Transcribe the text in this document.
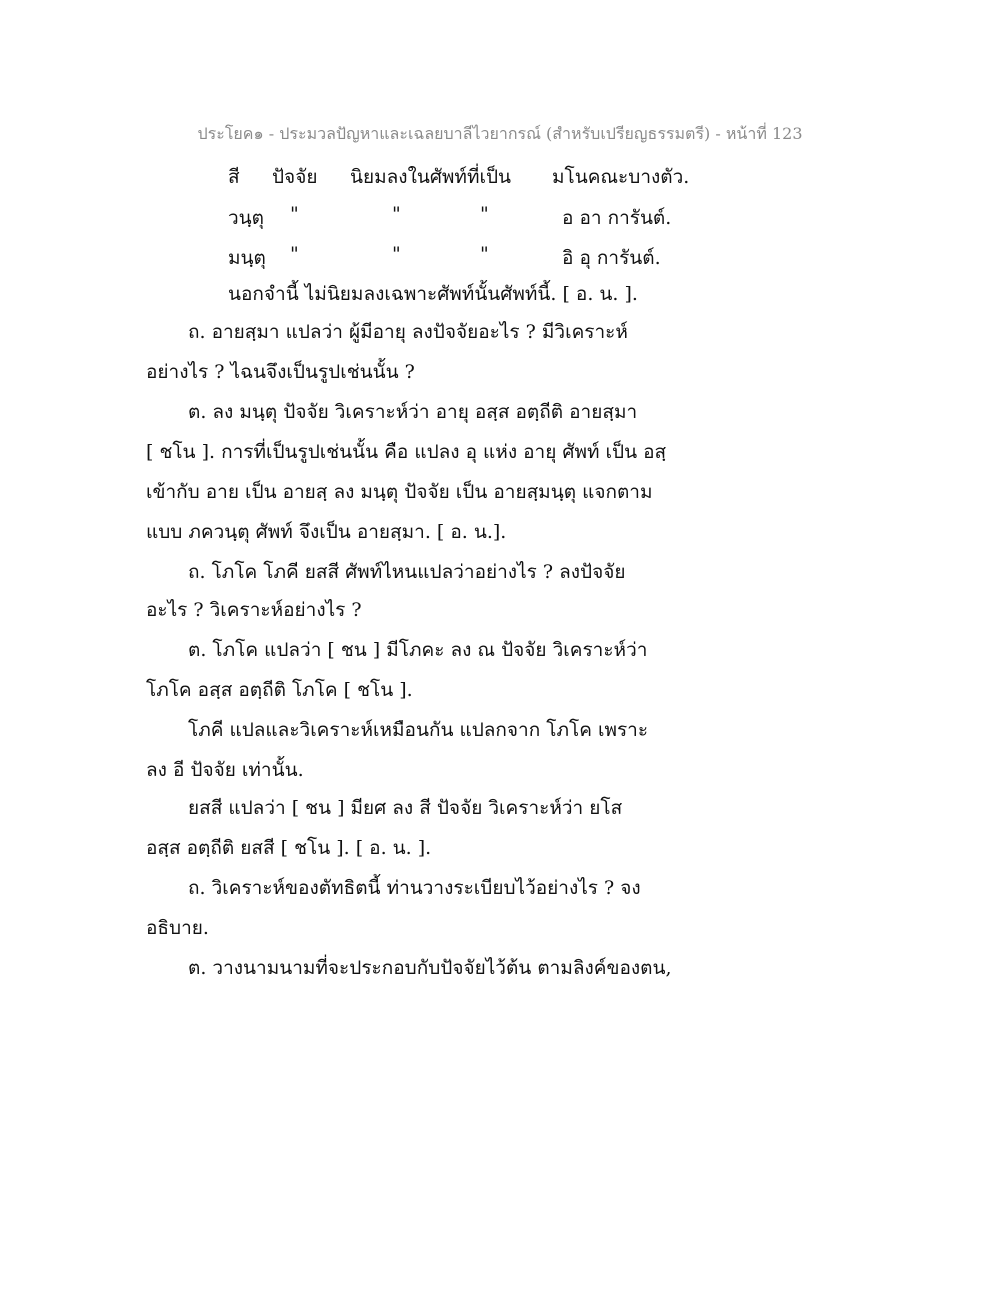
ประโยค๑ - ประมวลปัญหาและเฉลยบาลีไวยากรณ์ (สำหรับเปรียญธรรมตรี) - หน้าที่ 123
สี ปัจจัย นิยมลงในศัพท์ที่เป็น มโนคณะบางตัว.
วนฺตุ "	"	"	อ อา การันต์.
มนฺตุ "	"	"	อิ อุ การันต์.
นอกจำนี้ ไม่นิยมลงเฉพาะศัพท์นั้นศัพท์นี้. [ อ. น. ].
ถ. อายสฺมา แปลว่า ผู้มีอายุ ลงปัจจัยอะไร ? มีวิเคราะห์
อย่างไร ? ไฉนจึงเป็นรูปเช่นนั้น ?
ต. ลง มนฺตุ ปัจจัย วิเคราะห์ว่า อายุ อสฺส อตฺถีติ อายสฺมา
[ ชโน ]. การที่เป็นรูปเช่นนั้น คือ แปลง อุ แห่ง อายุ ศัพท์ เป็น อสฺ
เข้ากับ อาย เป็น อายสฺ ลง มนฺตุ ปัจจัย เป็น อายสฺมนฺตุ แจกตาม
แบบ ภควนฺตุ ศัพท์ จึงเป็น อายสฺมา. [ อ. น.].
ถ. โภโค โภคี ยสสี ศัพท์ไหนแปลว่าอย่างไร ? ลงปัจจัย
อะไร ? วิเคราะห์อย่างไร ?
ต. โภโค แปลว่า [ ชน ] มีโภคะ ลง ณ ปัจจัย วิเคราะห์ว่า
โภโค อสฺส อตฺถีติ โภโค [ ชโน ].
โภคี แปลและวิเคราะห์เหมือนกัน แปลกจาก โภโค เพราะ
ลง อี ปัจจัย เท่านั้น.
ยสสี แปลว่า [ ชน ] มียศ ลง สี ปัจจัย วิเคราะห์ว่า ยโส
อสฺส อตฺถีติ ยสสี [ ชโน ]. [ อ. น. ].
ถ. วิเคราะห์ของตัทธิตนี้ ท่านวางระเบียบไว้อย่างไร ? จง
อธิบาย.
ต. วางนามนามที่จะประกอบกับปัจจัยไว้ต้น ตามลิงค์ของตน,
